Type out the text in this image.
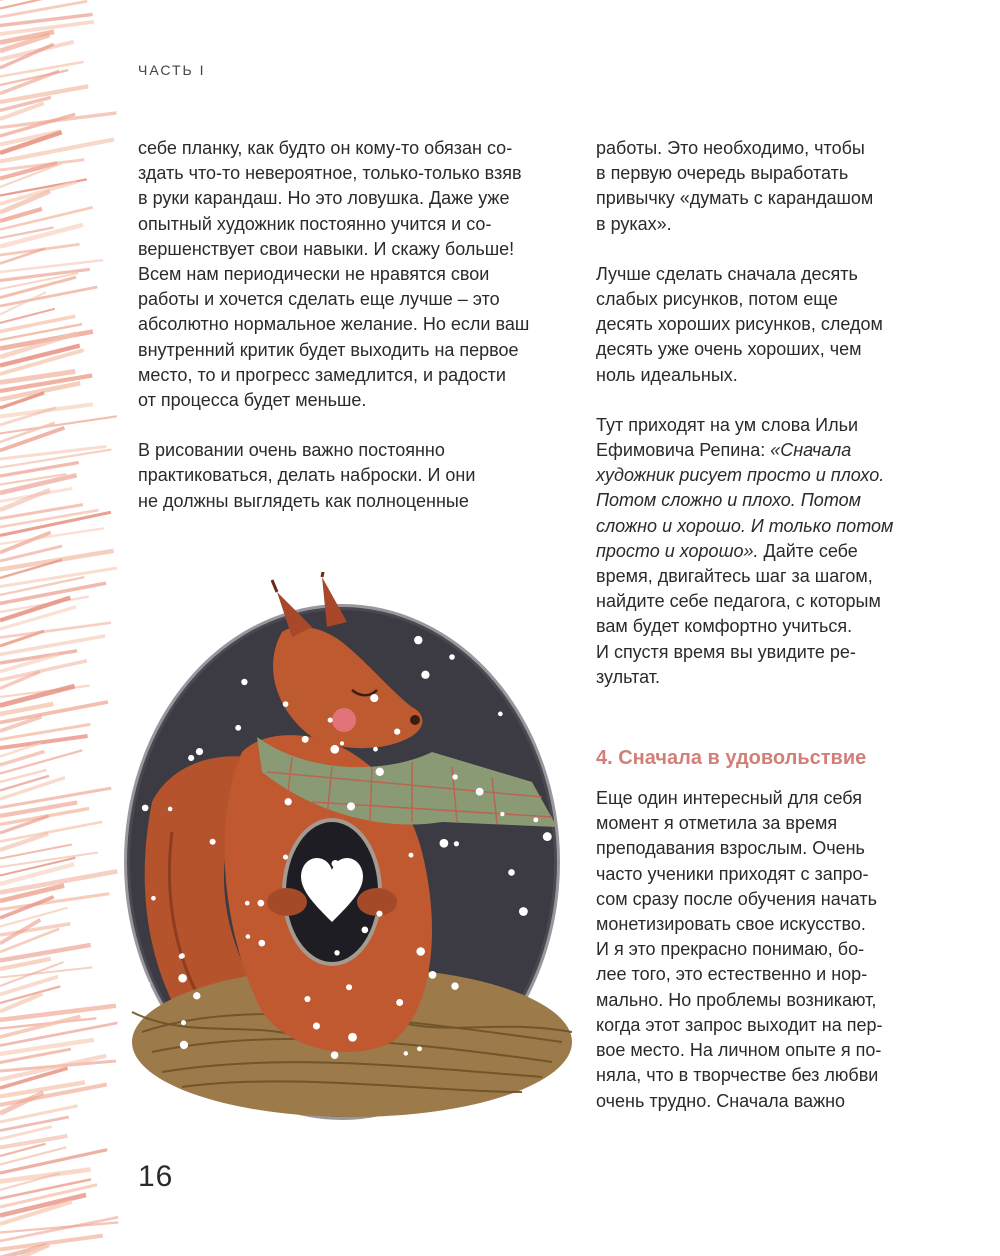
ЧАСТЬ I

себе планку, как будто он кому-то обязан со-
здать что-то невероятное, только-только взяв
в руки карандаш. Но это ловушка. Даже уже
опытный художник постоянно учится и со-
вершенствует свои навыки. И скажу больше!
Всем нам периодически не нравятся свои
работы и хочется сделать еще лучше – это
абсолютно нормальное желание. Но если ваш
внутренний критик будет выходить на первое
место, то и прогресс замедлится, и радости
от процесса будет меньше.

В рисовании очень важно постоянно
практиковаться, делать наброски. И они
не должны выглядеть как полноценные

работы. Это необходимо, чтобы
в первую очередь выработать
привычку «думать с карандашом
в руках».

Лучше сделать сначала десять
слабых рисунков, потом еще
десять хороших рисунков, следом
десять уже очень хороших, чем
ноль идеальных.

Тут приходят на ум слова Ильи
Ефимовича Репина: «Сначала
художник рисует просто и плохо.
Потом сложно и плохо. Потом
сложно и хорошо. И только потом
просто и хорошо». Дайте себе
время, двигайтесь шаг за шагом,
найдите себе педагога, с которым
вам будет комфортно учиться.
И спустя время вы увидите ре-
зультат.

4. Сначала в удовольствие

Еще один интересный для себя
момент я отметила за время
преподавания взрослым. Очень
часто ученики приходят с запро-
сом сразу после обучения начать
монетизировать свое искусство.
И я это прекрасно понимаю, бо-
лее того, это естественно и нор-
мально. Но проблемы возникают,
когда этот запрос выходит на пер-
вое место. На личном опыте я по-
няла, что в творчестве без любви
очень трудно. Сначала важно

16
